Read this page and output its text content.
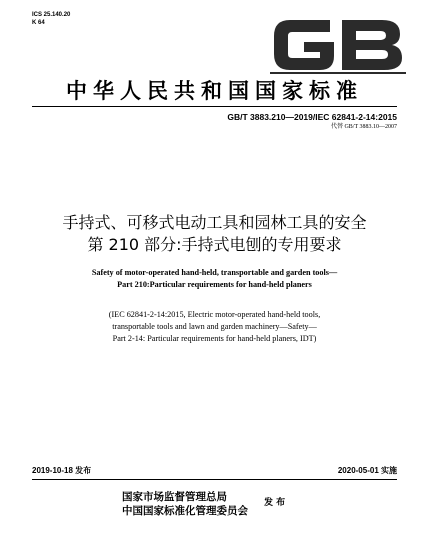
ICS 25.140.20
K 64
中华人民共和国国家标准
GB/T 3883.210—2019/IEC 62841-2-14:2015
代替 GB/T 3883.10—2007
手持式、可移式电动工具和园林工具的安全
第 210 部分:手持式电刨的专用要求
Safety of motor-operated hand-held, transportable and garden tools—
Part 210:Particular requirements for hand-held planers
(IEC 62841-2-14:2015, Electric motor-operated hand-held tools,
transportable tools and lawn and garden machinery—Safety—
Part 2-14: Particular requirements for hand-held planers, IDT)
2019-10-18 发布	2020-05-01 实施
国家市场监督管理总局
中国国家标准化管理委员会
发 布
